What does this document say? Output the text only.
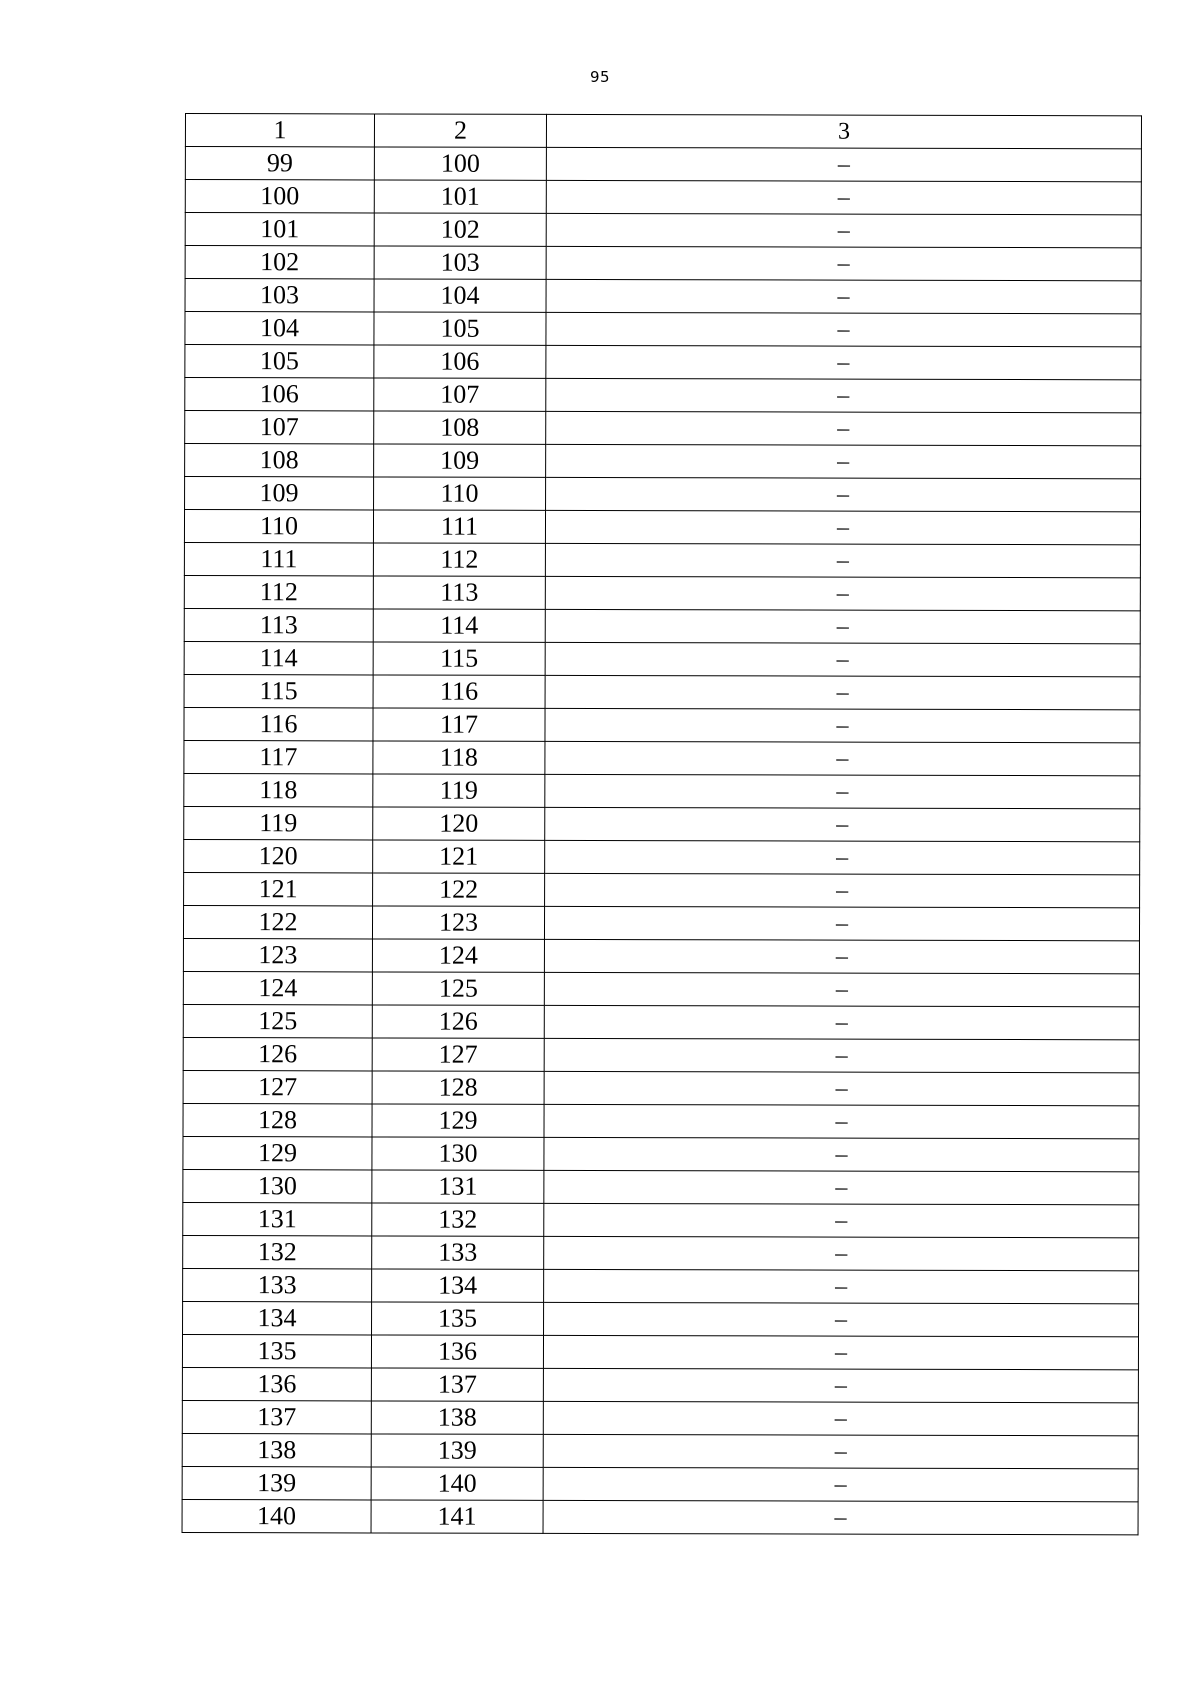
95
1	2	3
99	100	–
100	101	–
101	102	–
102	103	–
103	104	–
104	105	–
105	106	–
106	107	–
107	108	–
108	109	–
109	110	–
110	111	–
111	112	–
112	113	–
113	114	–
114	115	–
115	116	–
116	117	–
117	118	–
118	119	–
119	120	–
120	121	–
121	122	–
122	123	–
123	124	–
124	125	–
125	126	–
126	127	–
127	128	–
128	129	–
129	130	–
130	131	–
131	132	–
132	133	–
133	134	–
134	135	–
135	136	–
136	137	–
137	138	–
138	139	–
139	140	–
140	141	–
